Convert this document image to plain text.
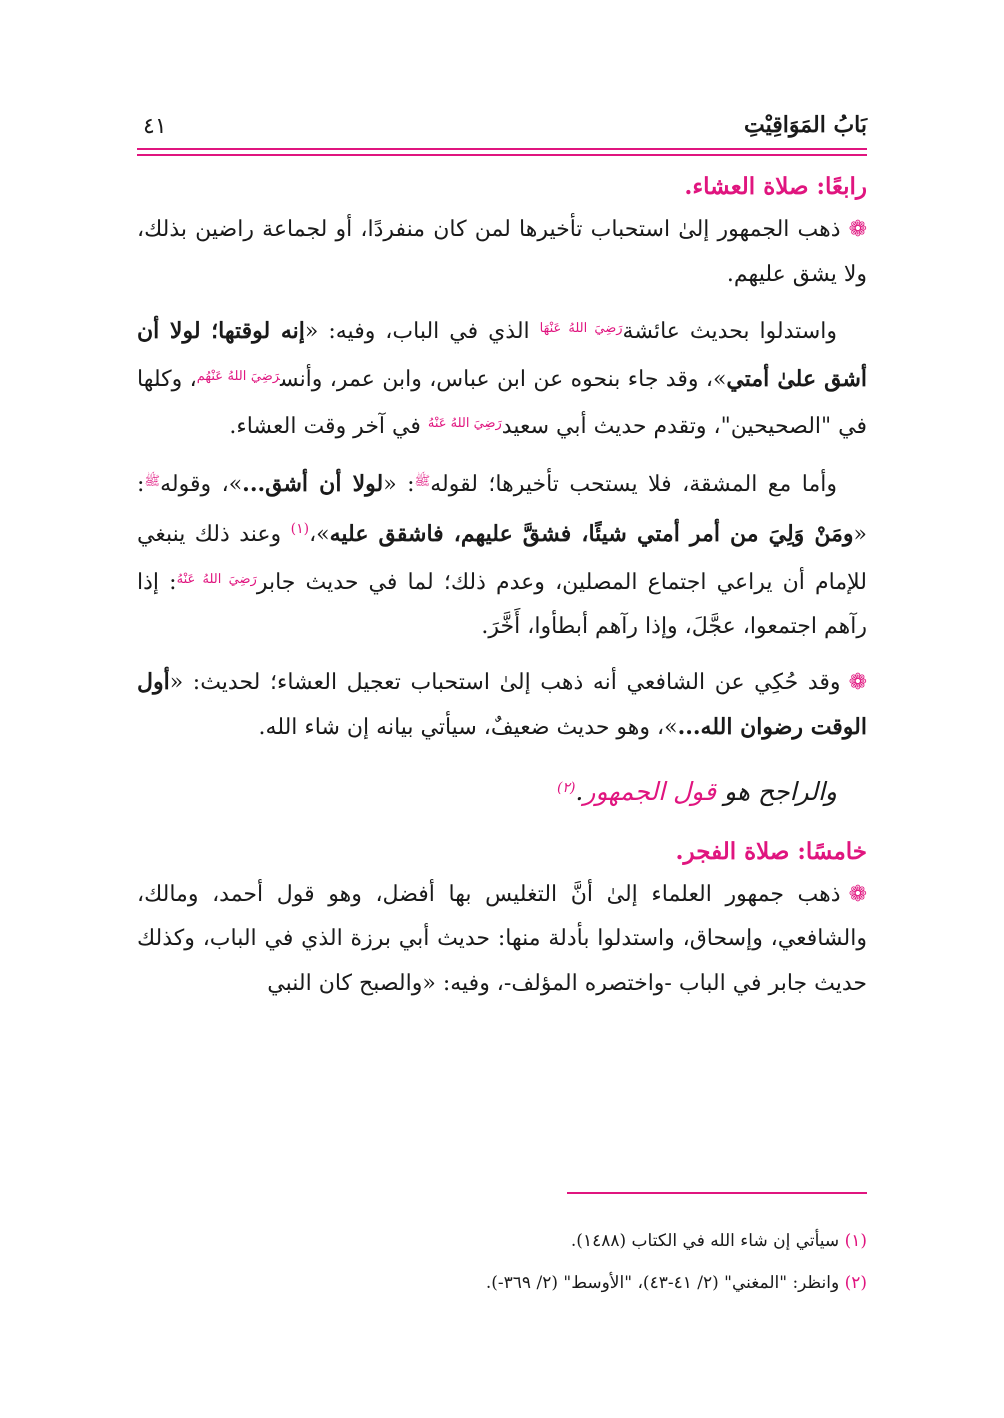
بَابُ المَوَاقِيْتِ
٤١
رابعًا: صلاة العشاء.

❁ذهب الجمهور إلىٰ استحباب تأخيرها لمن كان منفردًا، أو لجماعة راضين بذلك، ولا يشق عليهم.

واستدلوا بحديث عائشة$^{رَضِيَ اللهُ عَنْهَا}$ الذي في الباب، وفيه: «إنه لوقتها؛ لولا أن أشق علىٰ أمتي»، وقد جاء بنحوه عن ابن عباس، وابن عمر، وأنس$^{رَضِيَ اللهُ عَنْهُم}$، وكلها في "الصحيحين"، وتقدم حديث أبي سعيد$^{رَضِيَ اللهُ عَنْهُ}$ في آخر وقت العشاء.

وأما مع المشقة، فلا يستحب تأخيرها؛ لقوله$^ﷺ$: «لولا أن أشق...»، وقوله$^ﷺ$: «ومَنْ وَلِيَ من أمر أمتي شيئًا، فشقَّ عليهم، فاشقق عليه»،$^{(١)}$ وعند ذلك ينبغي للإمام أن يراعي اجتماع المصلين، وعدم ذلك؛ لما في حديث جابر$^{رَضِيَ اللهُ عَنْهُ}$: إذا رآهم اجتمعوا، عجَّلَ، وإذا رآهم أبطأوا، أَخَّرَ.

❁وقد حُكِي عن الشافعي أنه ذهب إلىٰ استحباب تعجيل العشاء؛ لحديث: «أول الوقت رضوان الله...»، وهو حديث ضعيفٌ، سيأتي بيانه إن شاء الله.

والراجح هو قول الجمهور.$^{(٢)}$

خامسًا: صلاة الفجر.

❁ذهب جمهور العلماء إلىٰ أنَّ التغليس بها أفضل، وهو قول أحمد، ومالك، والشافعي، وإسحاق، واستدلوا بأدلة منها: حديث أبي برزة الذي في الباب، وكذلك حديث جابر في الباب -واختصره المؤلف-، وفيه: «والصبح كان النبي

(١) سيأتي إن شاء الله في الكتاب (١٤٨٨).
(٢) وانظر: "المغني" (٢/ ٤١-٤٣)، "الأوسط" (٢/ ٣٦٩-).
